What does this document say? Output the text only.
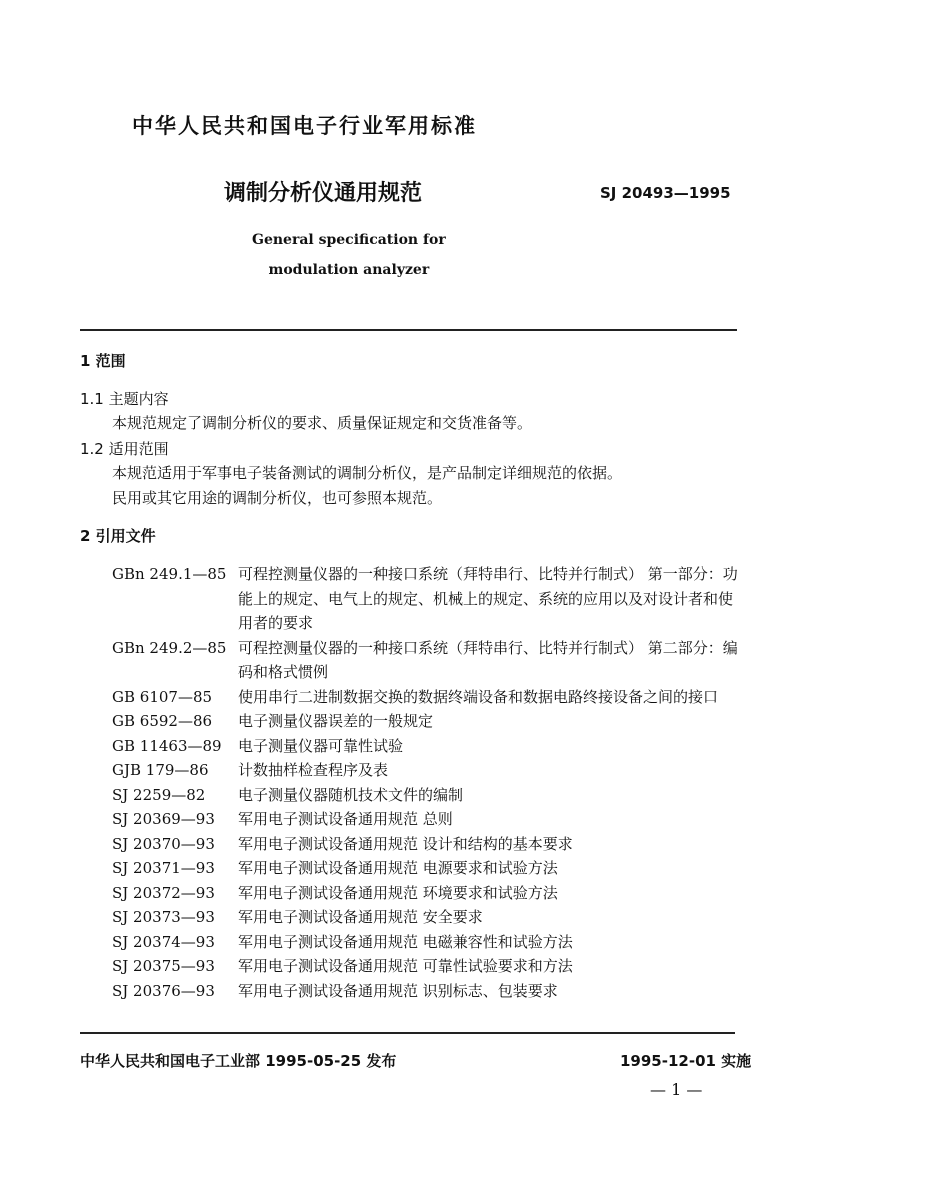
中华人民共和国电子行业军用标准
调制分析仪通用规范	SJ 20493—1995
General specification for
modulation analyzer
1 范围
1.1 主题内容
本规范规定了调制分析仪的要求、质量保证规定和交货准备等。
1.2 适用范围
本规范适用于军事电子装备测试的调制分析仪，是产品制定详细规范的依据。
民用或其它用途的调制分析仪，也可参照本规范。
2 引用文件
GBn 249.1—85 可程控测量仪器的一种接口系统（拜特串行、比特并行制式） 第一部分：功能上的规定、电气上的规定、机械上的规定、系统的应用以及对设计者和使用者的要求
GBn 249.2—85 可程控测量仪器的一种接口系统（拜特串行、比特并行制式） 第二部分：编码和格式惯例
GB 6107—85	使用串行二进制数据交换的数据终端设备和数据电路终接设备之间的接口
GB 6592—86	电子测量仪器误差的一般规定
GB 11463—89	电子测量仪器可靠性试验
GJB 179—86	计数抽样检查程序及表
SJ 2259—82	电子测量仪器随机技术文件的编制
SJ 20369—93	军用电子测试设备通用规范 总则
SJ 20370—93	军用电子测试设备通用规范 设计和结构的基本要求
SJ 20371—93	军用电子测试设备通用规范 电源要求和试验方法
SJ 20372—93	军用电子测试设备通用规范 环境要求和试验方法
SJ 20373—93	军用电子测试设备通用规范 安全要求
SJ 20374—93	军用电子测试设备通用规范 电磁兼容性和试验方法
SJ 20375—93	军用电子测试设备通用规范 可靠性试验要求和方法
SJ 20376—93	军用电子测试设备通用规范 识别标志、包装要求
中华人民共和国电子工业部 1995-05-25 发布	1995-12-01 实施
— 1 —
